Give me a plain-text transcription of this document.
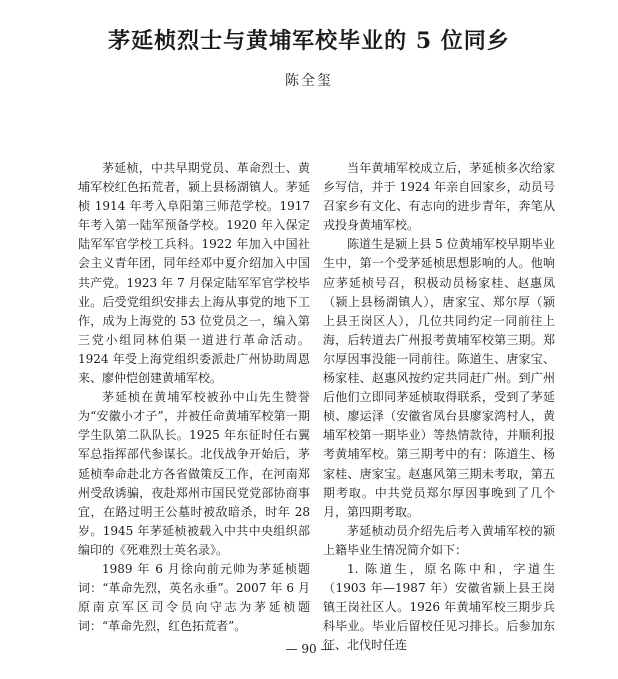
茅延桢烈士与黄埔军校毕业的 5 位同乡
陈全玺

茅延桢，中共早期党员、革命烈士、黄埔军校红色拓荒者，颍上县杨湖镇人。茅延桢 1914 年考入阜阳第三师范学校。1917 年考入第一陆军预备学校。1920 年入保定陆军军官学校工兵科。1922 年加入中国社会主义青年团，同年经邓中夏介绍加入中国共产党。1923 年 7 月保定陆军军官学校毕业。后受党组织安排去上海从事党的地下工作，成为上海党的 53 位党员之一，编入第三党小组同林伯渠一道进行革命活动。1924 年受上海党组织委派赴广州协助周恩来、廖仲恺创建黄埔军校。

茅延桢在黄埔军校被孙中山先生赞誉为“安徽小才子”，并被任命黄埔军校第一期学生队第二队队长。1925 年东征时任右翼军总指挥部代参谋长。北伐战争开始后，茅延桢奉命赴北方各省做策反工作，在河南郑州受敌诱骗，夜赴郑州市国民党党部协商事宜，在路过明王公墓时被敌暗杀，时年 28 岁。1945 年茅延桢被载入中共中央组织部编印的《死难烈士英名录》。

1989 年 6 月徐向前元帅为茅延桢题词：“革命先烈，英名永垂”。2007 年 6 月原南京军区司令员向守志为茅延桢题词：“革命先烈，红色拓荒者”。

当年黄埔军校成立后，茅延桢多次给家乡写信，并于 1924 年亲自回家乡，动员号召家乡有文化、有志向的进步青年，奔笔从戎投身黄埔军校。

陈道生是颍上县 5 位黄埔军校早期毕业生中，第一个受茅延桢思想影响的人。他响应茅延桢号召，积极动员杨家桂、赵惠凤（颍上县杨湖镇人），唐家宝、郑尔厚（颍上县王岗区人），几位共同约定一同前往上海，后转道去广州报考黄埔军校第三期。郑尔厚因事没能一同前往。陈道生、唐家宝、杨家桂、赵惠风按约定共同赶广州。到广州后他们立即同茅延桢取得联系，受到了茅延桢、廖运泽（安徽省凤台县廖家湾村人，黄埔军校第一期毕业）等热情款待，并顺利报考黄埔军校。第三期考中的有：陈道生、杨家桂、唐家宝。赵惠风第三期未考取，第五期考取。中共党员郑尔厚因事晚到了几个月，第四期考取。

茅延桢动员介绍先后考入黄埔军校的颍上籍毕业生情况简介如下：

1. 陈道生，原名陈中和，字道生（1903 年—1987 年）安徽省颍上县王岗镇王岗社区人。1926 年黄埔军校三期步兵科毕业。毕业后留校任见习排长。后参加东征、北伐时任连

— 90 —
